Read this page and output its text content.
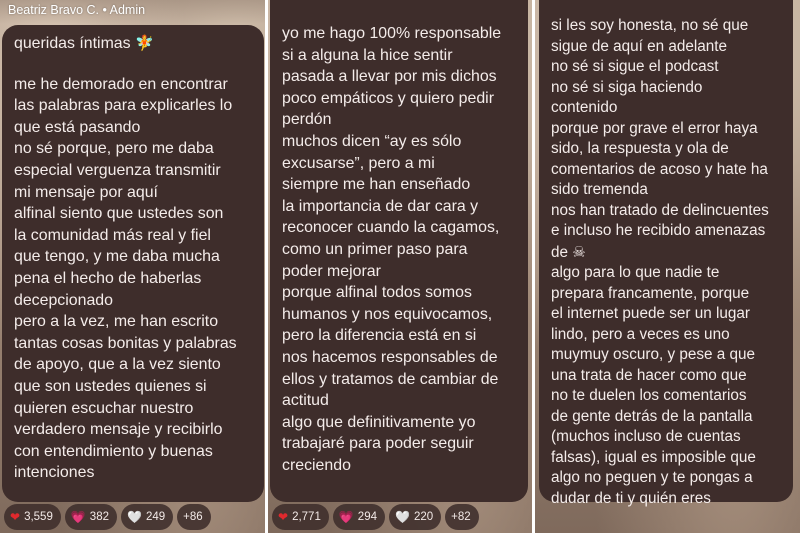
Beatriz Bravo C. • Admin
queridas íntimas 🧚
me he demorado en encontrar
las palabras para explicarles lo
que está pasando
no sé porque, pero me daba
especial verguenza transmitir
mi mensaje por aquí
alfinal siento que ustedes son
la comunidad más real y fiel
que tengo, y me daba mucha
pena el hecho de haberlas
decepcionado
pero a la vez, me han escrito
tantas cosas bonitas y palabras
de apoyo, que a la vez siento
que son ustedes quienes si
quieren escuchar nuestro
verdadero mensaje y recibirlo
con entendimiento y buenas
intenciones
❤ 3,559 💗 382 🤍 249 +86
yo me hago 100% responsable
si a alguna la hice sentir
pasada a llevar por mis dichos
poco empáticos y quiero pedir
perdón
muchos dicen “ay es sólo
excusarse”, pero a mi
siempre me han enseñado
la importancia de dar cara y
reconocer cuando la cagamos,
como un primer paso para
poder mejorar
porque alfinal todos somos
humanos y nos equivocamos,
pero la diferencia está en si
nos hacemos responsables de
ellos y tratamos de cambiar de
actitud
algo que definitivamente yo
trabajaré para poder seguir
creciendo
❤ 2,771 💗 294 🤍 220 +82
si les soy honesta, no sé que
sigue de aquí en adelante
no sé si sigue el podcast
no sé si siga haciendo
contenido
porque por grave el error haya
sido, la respuesta y ola de
comentarios de acoso y hate ha
sido tremenda
nos han tratado de delincuentes
e incluso he recibido amenazas
de ☠
algo para lo que nadie te
prepara francamente, porque
el internet puede ser un lugar
lindo, pero a veces es uno
muymuy oscuro, y pese a que
una trata de hacer como que
no te duelen los comentarios
de gente detrás de la pantalla
(muchos incluso de cuentas
falsas), igual es imposible que
algo no peguen y te pongas a
dudar de ti y quién eres
